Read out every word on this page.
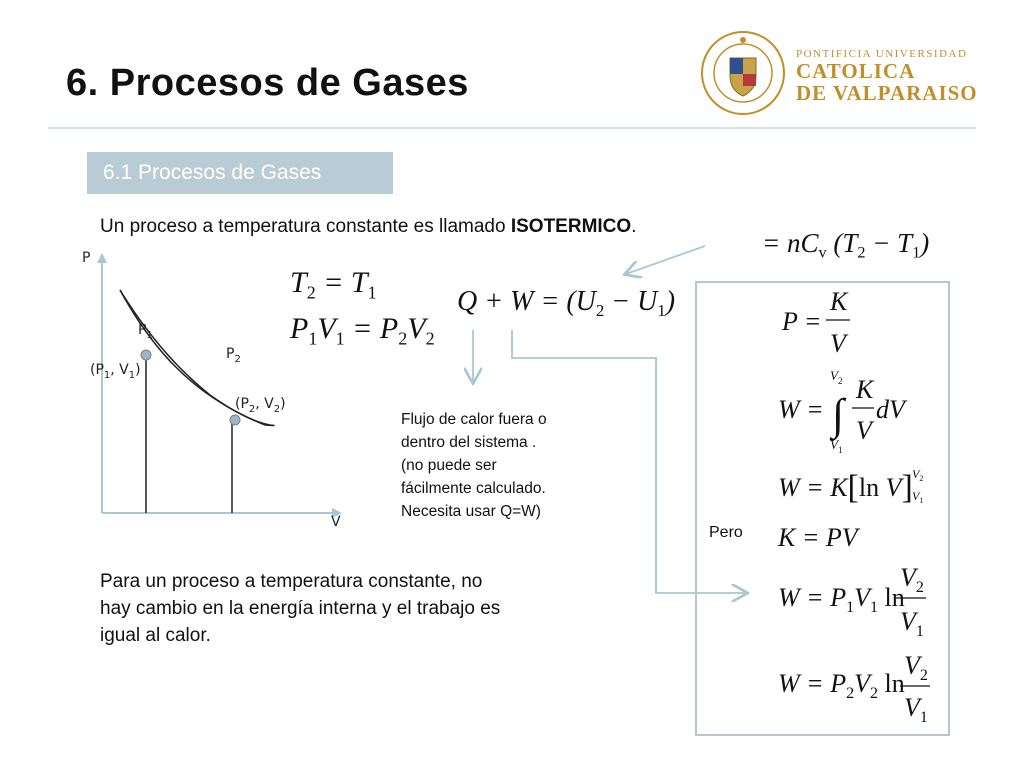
6. Procesos de Gases
6.1 Procesos de Gases
PONTIFICIA UNIVERSIDAD
CATOLICA
DE VALPARAISO
Un proceso a temperatura constante es llamado ISOTERMICO.
P
V
$P_1$
$P_2$
($P_1$, $V_1$)
($P_2$, $V_2$)
$T_2 = T_1$
$P_1V_1 = P_2V_2$
$Q + W = (U_2 - U_1)$
= $nC_v$ $(T_2 - T_1)$
Flujo de calor fuera o
dentro del sistema .
(no puede ser
fácilmente calculado.
Necesita usar Q=W)
P =
K
V
W =
$V_2$
∫
$V_1$
K
V
dV
W = K[ln V] $V_2$
$V_1$
K = PV
$W = P_1V_1$ ln
$V_2$
$V_1$
$W = P_2V_2$ ln
$V_2$
$V_1$
Pero
Para un proceso a temperatura constante, no
hay cambio en la energía interna y el trabajo es
igual al calor.
